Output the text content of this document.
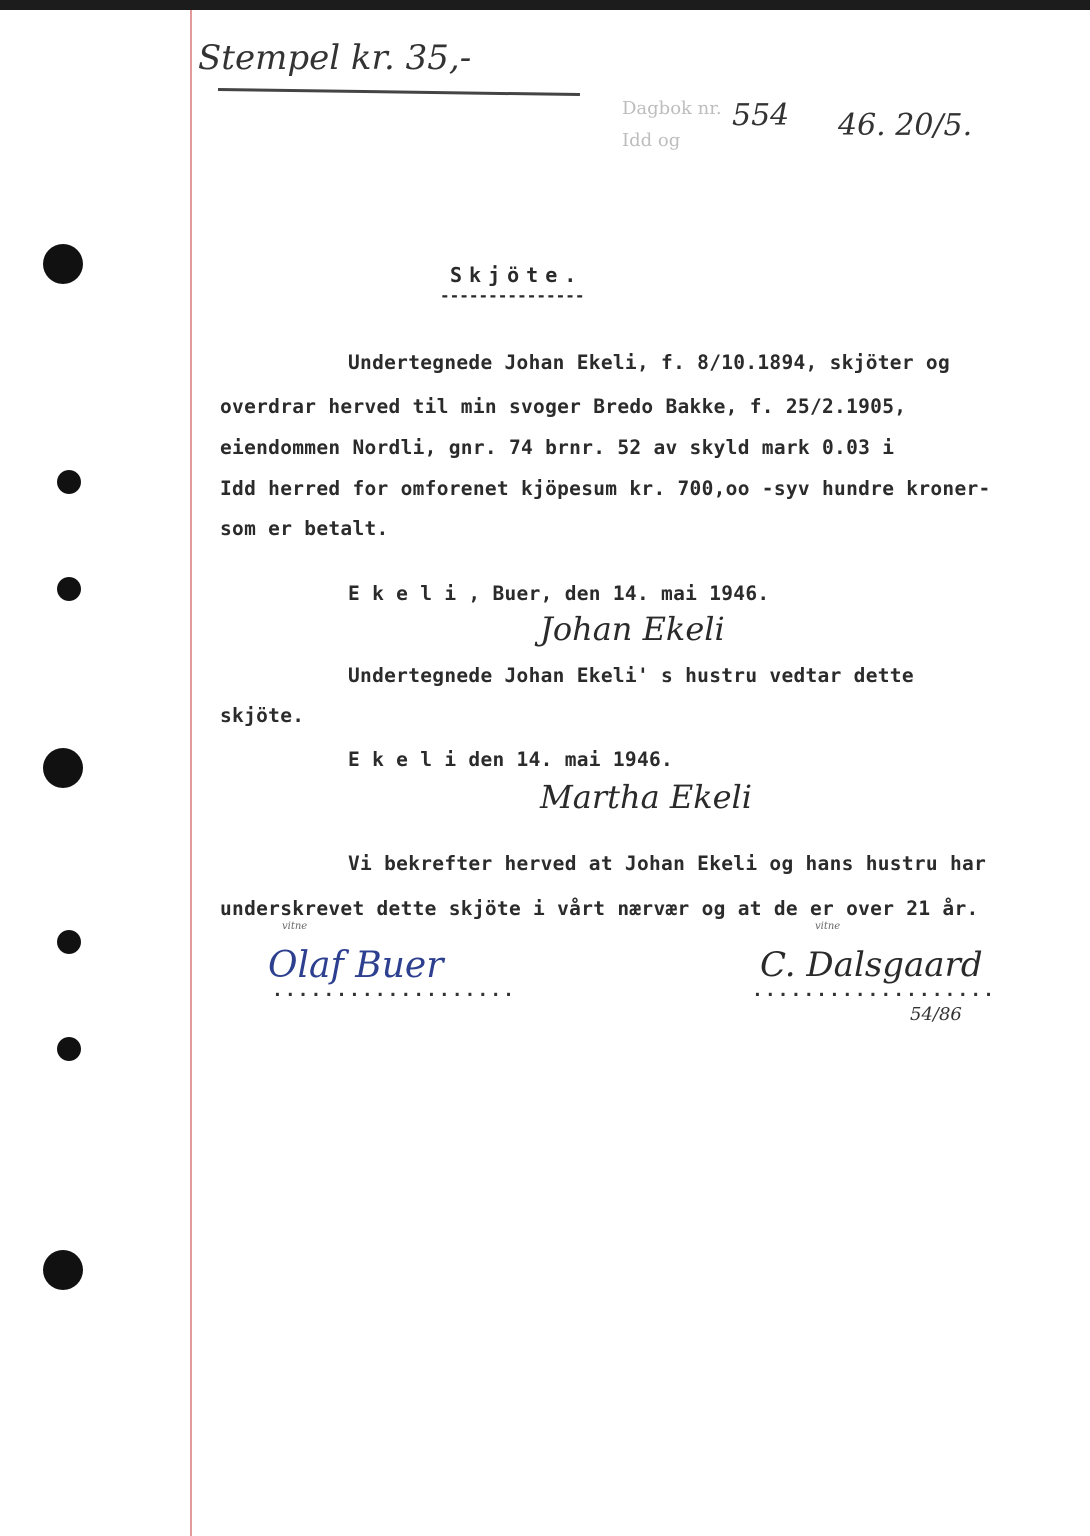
Stempel kr. 35,-
Dagbok nr.
Idd og
554 46. 20/5.
Skjöte.
---------------
Undertegnede Johan Ekeli, f. 8/10.1894, skjöter og
overdrar herved til min svoger Bredo Bakke, f. 25/2.1905,
eiendommen Nordli, gnr. 74 brnr. 52 av skyld mark 0.03 i
Idd herred for omforenet kjöpesum kr. 700,oo -syv hundre kroner-
som er betalt.
E k e l i , Buer, den 14. mai 1946.
Johan Ekeli
Undertegnede Johan Ekeli' s hustru vedtar dette
skjöte.
E k e l i den 14. mai 1946.
Martha Ekeli
Vi bekrefter herved at Johan Ekeli og hans hustru har
underskrevet dette skjöte i vårt nærvær og at de er over 21 år.
vitne
Olaf Buer
...................
vitne
C. Dalsgaard
...................
54/86
